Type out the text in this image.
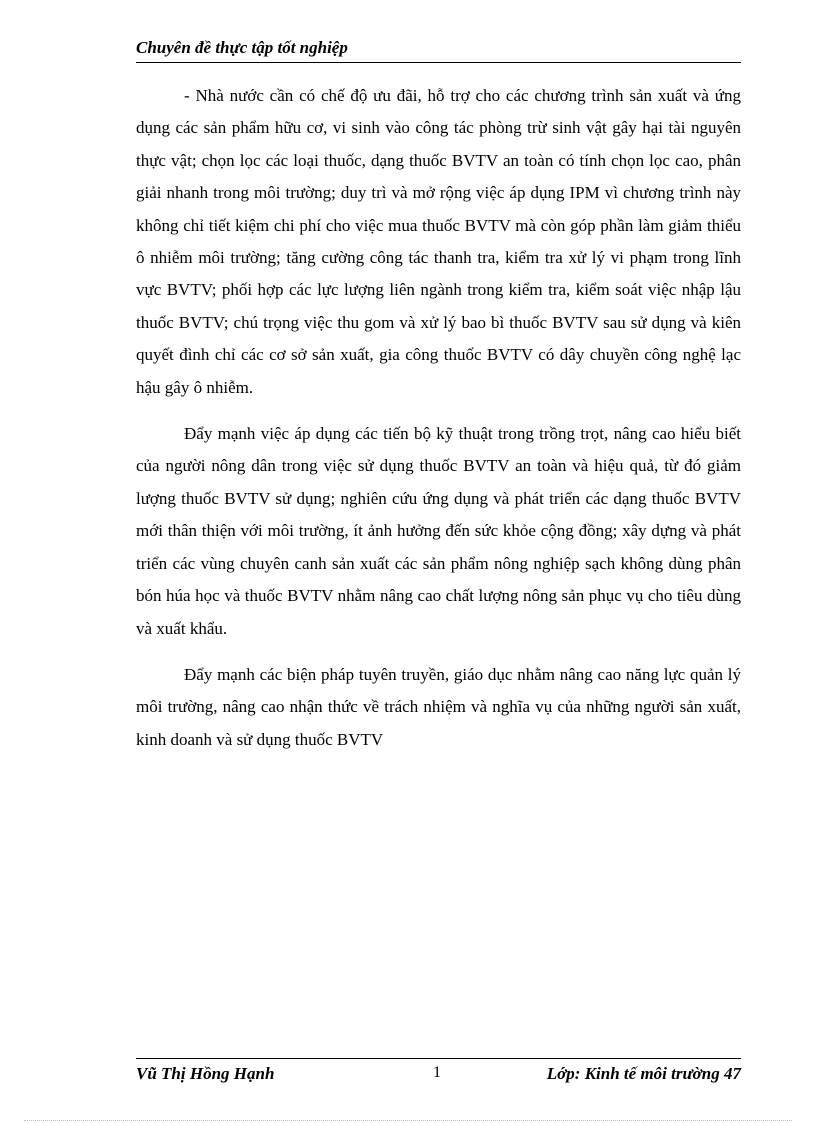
Chuyên đề thực tập tốt nghiệp

- Nhà nước cần có chế độ ưu đãi, hỗ trợ cho các chương trình sản xuất và ứng dụng các sản phẩm hữu cơ, vi sinh vào công tác phòng trừ sinh vật gây hại tài nguyên thực vật; chọn lọc các loại thuốc, dạng thuốc BVTV an toàn có tính chọn lọc cao, phân giải nhanh trong môi trường; duy trì và mở rộng việc áp dụng IPM vì chương trình này không chỉ tiết kiệm chi phí cho việc mua thuốc BVTV mà còn góp phần làm giảm thiểu ô nhiễm môi trường; tăng cường công tác thanh tra, kiểm tra xử lý vi phạm trong lĩnh vực BVTV; phối hợp các lực lượng liên ngành trong kiểm tra, kiểm soát việc nhập lậu thuốc BVTV; chú trọng việc thu gom và xử lý bao bì thuốc BVTV sau sử dụng và kiên quyết đình chỉ các cơ sở sản xuất, gia công thuốc BVTV có dây chuyền công nghệ lạc hậu gây ô nhiễm.

Đẩy mạnh việc áp dụng các tiến bộ kỹ thuật trong trồng trọt, nâng cao hiểu biết của người nông dân trong việc sử dụng thuốc BVTV an toàn và hiệu quả, từ đó giảm lượng thuốc BVTV sử dụng; nghiên cứu ứng dụng và phát triển các dạng thuốc BVTV mới thân thiện với môi trường, ít ảnh hưởng đến sức khỏe cộng đồng; xây dựng và phát triển các vùng chuyên canh sản xuất các sản phẩm nông nghiệp sạch không dùng phân bón húa học và thuốc BVTV nhằm nâng cao chất lượng nông sản phục vụ cho tiêu dùng và xuất khẩu.

Đẩy mạnh các biện pháp tuyên truyền, giáo dục nhằm nâng cao năng lực quản lý môi trường, nâng cao nhận thức về trách nhiệm và nghĩa vụ của những người sản xuất, kinh doanh và sử dụng thuốc BVTV

Vũ Thị Hồng Hạnh	1	Lớp: Kinh tế môi trường 47
